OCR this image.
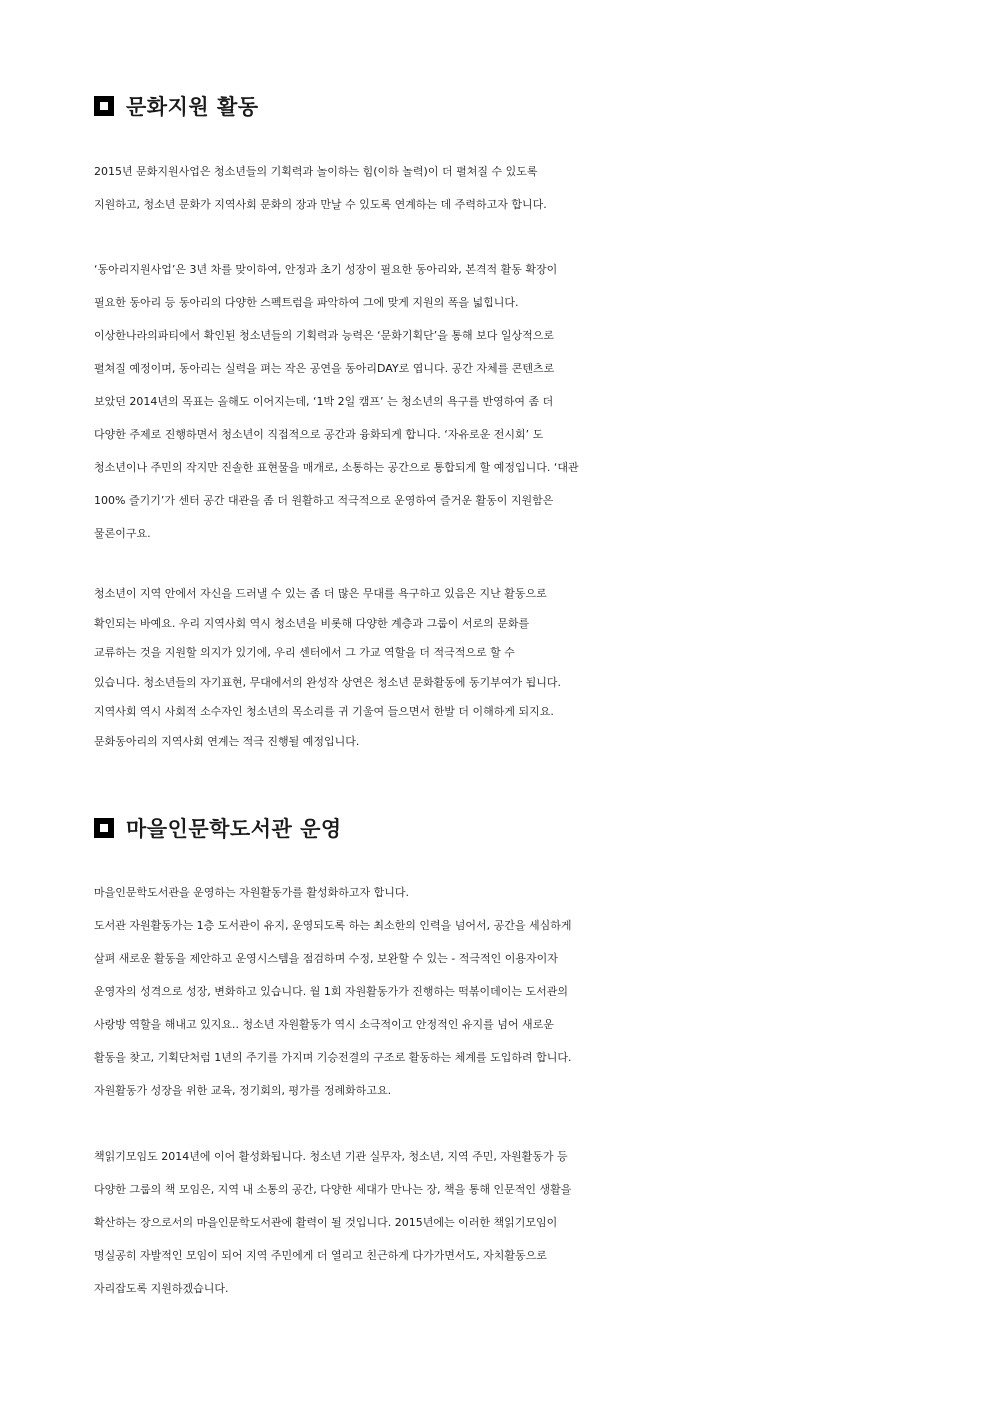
문화지원 활동
2015년 문화지원사업은 청소년들의 기획력과 놀이하는 힘(이하 놀력)이 더 펼쳐질 수 있도록
지원하고, 청소년 문화가 지역사회 문화의 장과 만날 수 있도록 연계하는 데 주력하고자 합니다.
‘동아리지원사업’은 3년 차를 맞이하여, 안정과 초기 성장이 필요한 동아리와, 본격적 활동 확장이
필요한 동아리 등 동아리의 다양한 스펙트럼을 파악하여 그에 맞게 지원의 폭을 넓힙니다.
이상한나라의파티에서 확인된 청소년들의 기획력과 능력은 ‘문화기획단’을 통해 보다 일상적으로
펼쳐질 예정이며, 동아리는 실력을 펴는 작은 공연을 동아리DAY로 엽니다. 공간 자체를 콘텐츠로
보았던 2014년의 목표는 올해도 이어지는데, ‘1박 2일 캠프’ 는 청소년의 욕구를 반영하여 좀 더
다양한 주제로 진행하면서 청소년이 직접적으로 공간과 융화되게 합니다. ‘자유로운 전시회’ 도
청소년이나 주민의 작지만 진솔한 표현물을 매개로, 소통하는 공간으로 통합되게 할 예정입니다. ‘대관
100% 즐기기’가 센터 공간 대관을 좀 더 원활하고 적극적으로 운영하여 즐거운 활동이 지원함은
물론이구요.
청소년이 지역 안에서 자신을 드러낼 수 있는 좀 더 많은 무대를 욕구하고 있음은 지난 활동으로
확인되는 바예요. 우리 지역사회 역시 청소년을 비롯해 다양한 계층과 그룹이 서로의 문화를
교류하는 것을 지원할 의지가 있기에, 우리 센터에서 그 가교 역할을 더 적극적으로 할 수
있습니다. 청소년들의 자기표현, 무대에서의 완성작 상연은 청소년 문화활동에 동기부여가 됩니다.
지역사회 역시 사회적 소수자인 청소년의 목소리를 귀 기울여 들으면서 한발 더 이해하게 되지요.
문화동아리의 지역사회 연계는 적극 진행될 예정입니다.
마을인문학도서관 운영
마을인문학도서관을 운영하는 자원활동가를 활성화하고자 합니다.
도서관 자원활동가는 1층 도서관이 유지, 운영되도록 하는 최소한의 인력을 넘어서, 공간을 세심하게
살펴 새로운 활동을 제안하고 운영시스템을 점검하며 수정, 보완할 수 있는 - 적극적인 이용자이자
운영자의 성격으로 성장, 변화하고 있습니다. 월 1회 자원활동가가 진행하는 떡볶이데이는 도서관의
사랑방 역할을 해내고 있지요.. 청소년 자원활동가 역시 소극적이고 안정적인 유지를 넘어 새로운
활동을 찾고, 기획단처럼 1년의 주기를 가지며 기승전결의 구조로 활동하는 체계를 도입하려 합니다.
자원활동가 성장을 위한 교육, 정기회의, 평가를 정례화하고요.
책읽기모임도 2014년에 이어 활성화됩니다. 청소년 기관 실무자, 청소년, 지역 주민, 자원활동가 등
다양한 그룹의 책 모임은, 지역 내 소통의 공간, 다양한 세대가 만나는 장, 책을 통해 인문적인 생활을
확산하는 장으로서의 마을인문학도서관에 활력이 될 것입니다. 2015년에는 이러한 책읽기모임이
명실공히 자발적인 모임이 되어 지역 주민에게 더 열리고 친근하게 다가가면서도, 자치활동으로
자리잡도록 지원하겠습니다.
